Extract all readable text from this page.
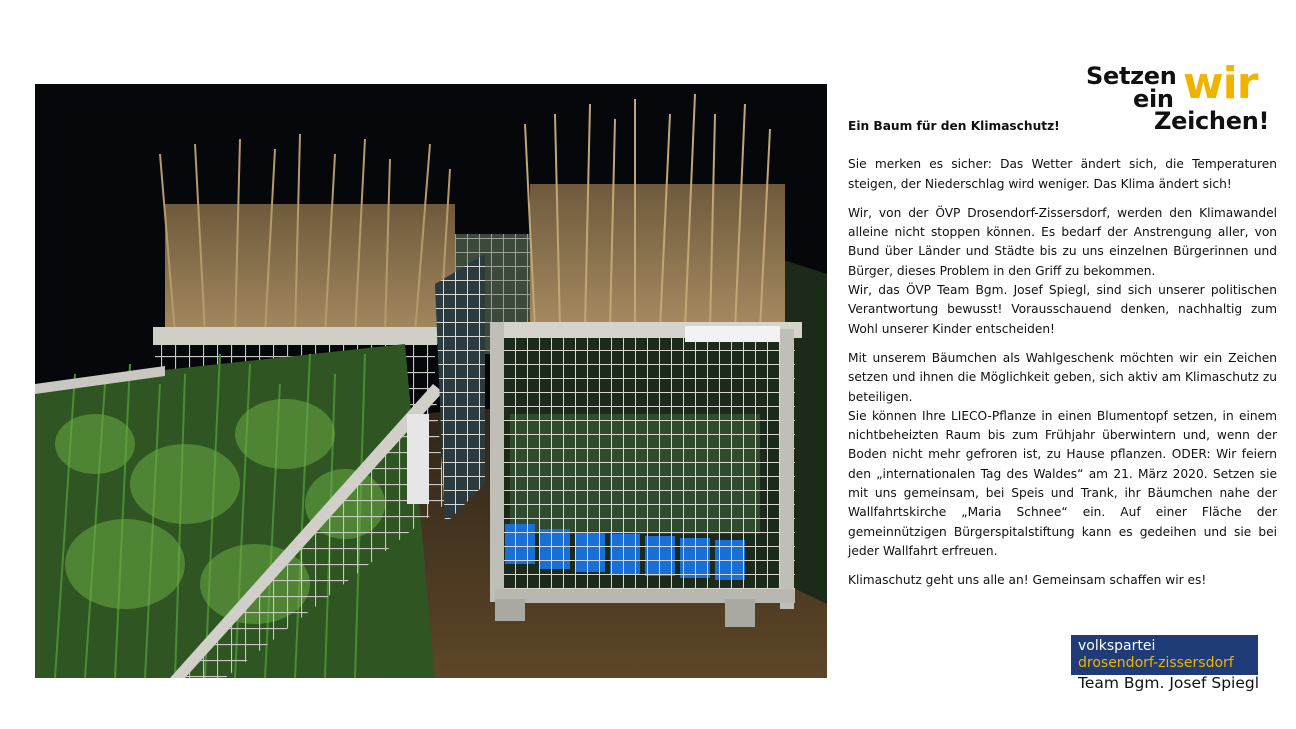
Setzen
ein wir
Zeichen!

Ein Baum für den Klimaschutz!

Sie merken es sicher: Das Wetter ändert sich, die Temperaturen steigen, der Niederschlag wird weniger. Das Klima ändert sich!

Wir, von der ÖVP Drosendorf-Zissersdorf, werden den Klimawandel alleine nicht stoppen können. Es bedarf der Anstrengung aller, von Bund über Länder und Städte bis zu uns einzelnen Bürgerinnen und Bürger, dieses Problem in den Griff zu bekommen.

Wir, das ÖVP Team Bgm. Josef Spiegl, sind sich unserer politischen Verantwortung bewusst! Vorausschauend denken, nachhaltig zum Wohl unserer Kinder entscheiden!

Mit unserem Bäumchen als Wahlgeschenk möchten wir ein Zeichen setzen und ihnen die Möglichkeit geben, sich aktiv am Klimaschutz zu beteiligen.

Sie können Ihre LIECO-Pflanze in einen Blumentopf setzen, in einem nichtbeheizten Raum bis zum Frühjahr überwintern und, wenn der Boden nicht mehr gefroren ist, zu Hause pflanzen. ODER: Wir feiern den „internationalen Tag des Waldes“ am 21. März 2020. Setzen sie mit uns gemeinsam, bei Speis und Trank, ihr Bäumchen nahe der Wallfahrtskirche „Maria Schnee“ ein. Auf einer Fläche der gemeinnützigen Bürgerspitalstiftung kann es gedeihen und sie bei jeder Wallfahrt erfreuen.

Klimaschutz geht uns alle an! Gemeinsam schaffen wir es!

volkspartei
drosendorf-zissersdorf
Team Bgm. Josef Spiegl
